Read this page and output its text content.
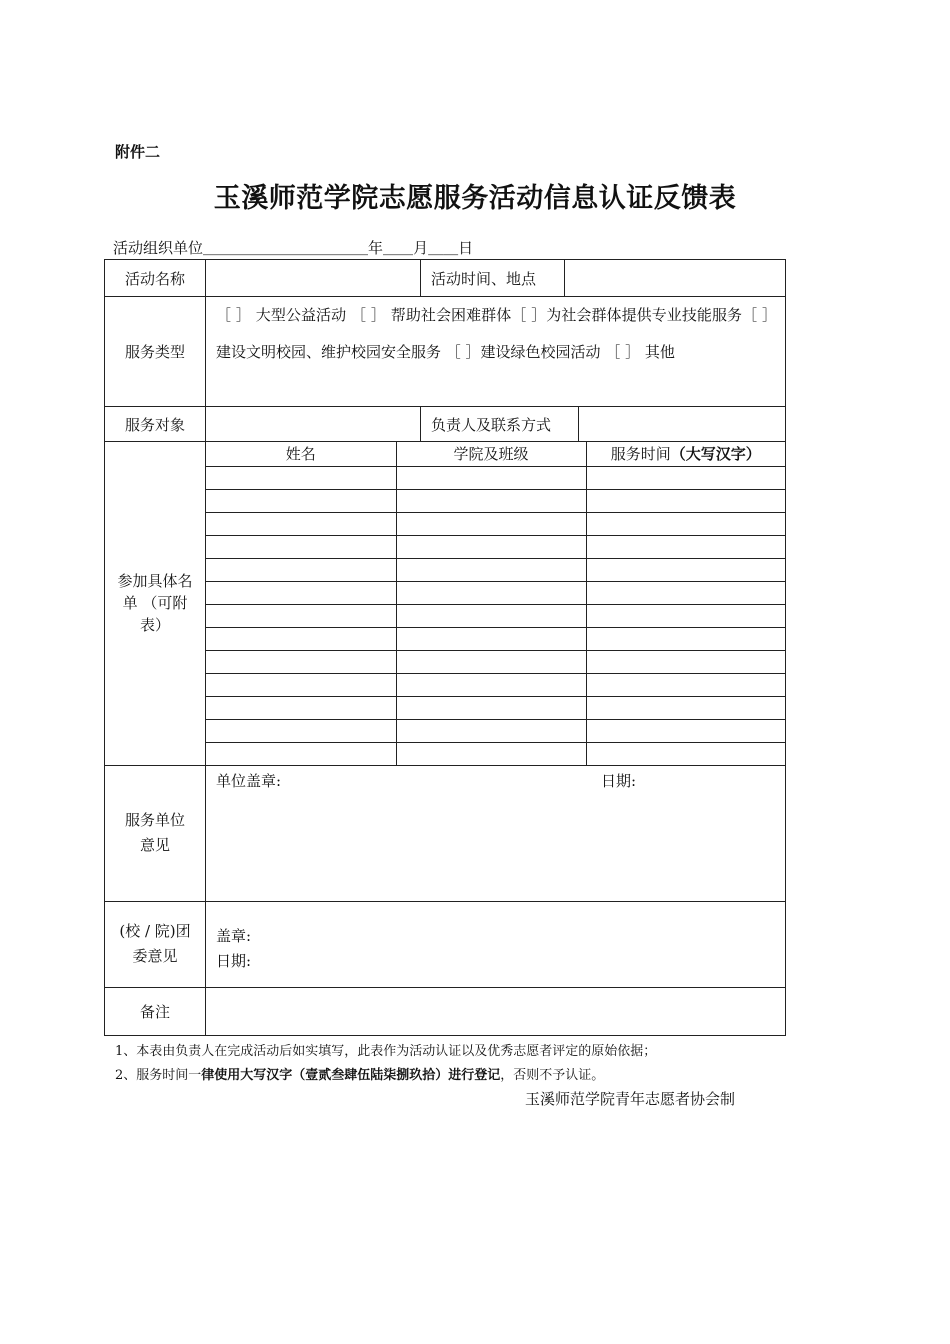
附件二
玉溪师范学院志愿服务活动信息认证反馈表
活动组织单位＿＿＿＿＿＿＿＿＿＿＿年＿＿月＿＿日
活动名称		活动时间、地点	
服务类型	［ ］ 大型公益活动 ［ ］ 帮助社会困难群体［ ］为社会群体提供专业技能服务［ ］ 建设文明校园、维护校园安全服务 ［ ］建设绿色校园活动 ［ ］ 其他
服务对象		负责人及联系方式	
参加具体名单 （可附表）	
姓名	学院及班级	服务时间（大写汉字）

服务单位意见	
单位盖章:	日期:

(校 / 院)团委意见	
盖章:
日期:

备注	
1、本表由负责人在完成活动后如实填写，此表作为活动认证以及优秀志愿者评定的原始依据；
2、服务时间一律使用大写汉字（壹贰叁肆伍陆柒捌玖拾）进行登记，否则不予认证。
玉溪师范学院青年志愿者协会制
